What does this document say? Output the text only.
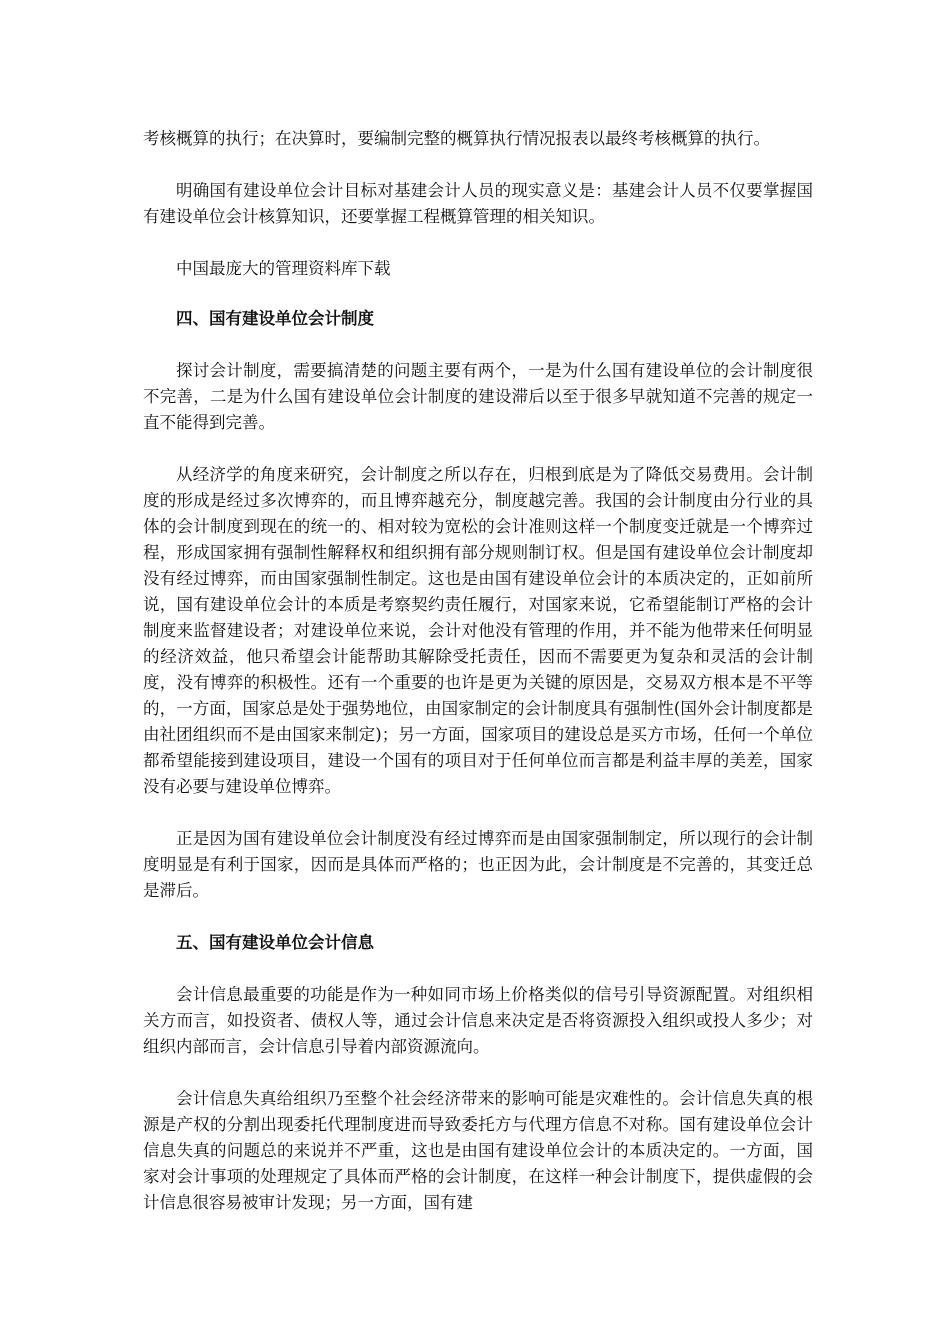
考核概算的执行；在决算时，要编制完整的概算执行情况报表以最终考核概算的执行。

明确国有建设单位会计目标对基建会计人员的现实意义是：基建会计人员不仅要掌握国有建设单位会计核算知识，还要掌握工程概算管理的相关知识。

中国最庞大的管理资料库下载

四、国有建设单位会计制度

探讨会计制度，需要搞清楚的问题主要有两个，一是为什么国有建设单位的会计制度很不完善，二是为什么国有建设单位会计制度的建设滞后以至于很多早就知道不完善的规定一直不能得到完善。

从经济学的角度来研究，会计制度之所以存在，归根到底是为了降低交易费用。会计制度的形成是经过多次博弈的，而且博弈越充分，制度越完善。我国的会计制度由分行业的具体的会计制度到现在的统一的、相对较为宽松的会计准则这样一个制度变迁就是一个博弈过程，形成国家拥有强制性解释权和组织拥有部分规则制订权。但是国有建设单位会计制度却没有经过博弈，而由国家强制性制定。这也是由国有建设单位会计的本质决定的，正如前所说，国有建设单位会计的本质是考察契约责任履行，对国家来说，它希望能制订严格的会计制度来监督建设者；对建设单位来说，会计对他没有管理的作用，并不能为他带来任何明显的经济效益，他只希望会计能帮助其解除受托责任，因而不需要更为复杂和灵活的会计制度，没有博弈的积极性。还有一个重要的也许是更为关键的原因是，交易双方根本是不平等的，一方面，国家总是处于强势地位，由国家制定的会计制度具有强制性(国外会计制度都是由社团组织而不是由国家来制定)；另一方面，国家项目的建设总是买方市场，任何一个单位都希望能接到建设项目，建设一个国有的项目对于任何单位而言都是利益丰厚的美差，国家没有必要与建设单位博弈。

正是因为国有建设单位会计制度没有经过博弈而是由国家强制制定，所以现行的会计制度明显是有利于国家，因而是具体而严格的；也正因为此，会计制度是不完善的，其变迁总是滞后。

五、国有建设单位会计信息

会计信息最重要的功能是作为一种如同市场上价格类似的信号引导资源配置。对组织相关方而言，如投资者、债权人等，通过会计信息来决定是否将资源投入组织或投人多少；对组织内部而言，会计信息引导着内部资源流向。

会计信息失真给组织乃至整个社会经济带来的影响可能是灾难性的。会计信息失真的根源是产权的分割出现委托代理制度进而导致委托方与代理方信息不对称。国有建设单位会计信息失真的问题总的来说并不严重，这也是由国有建设单位会计的本质决定的。一方面，国家对会计事项的处理规定了具体而严格的会计制度，在这样一种会计制度下，提供虚假的会计信息很容易被审计发现；另一方面，国有建
